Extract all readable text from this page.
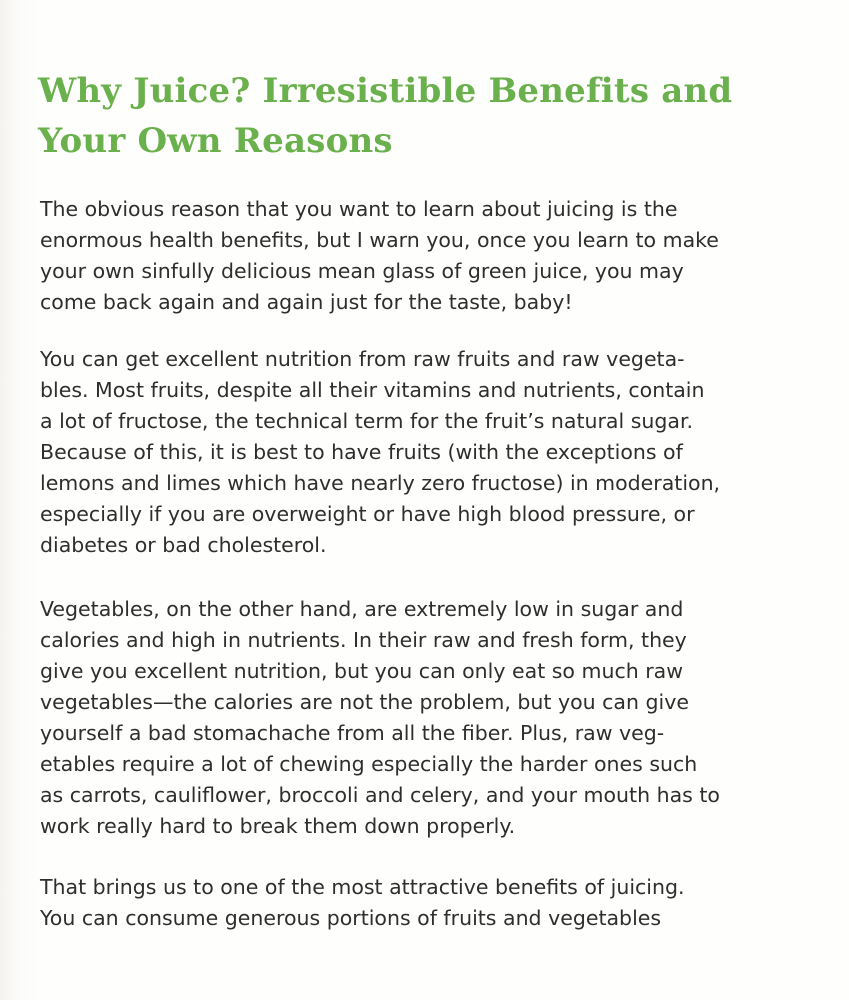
Why Juice? Irresistible Benefits and
Your Own Reasons

The obvious reason that you want to learn about juicing is the
enormous health benefits, but I warn you, once you learn to make
your own sinfully delicious mean glass of green juice, you may
come back again and again just for the taste, baby!

You can get excellent nutrition from raw fruits and raw vegeta-
bles. Most fruits, despite all their vitamins and nutrients, contain
a lot of fructose, the technical term for the fruit’s natural sugar.
Because of this, it is best to have fruits (with the exceptions of
lemons and limes which have nearly zero fructose) in moderation,
especially if you are overweight or have high blood pressure, or
diabetes or bad cholesterol.

Vegetables, on the other hand, are extremely low in sugar and
calories and high in nutrients. In their raw and fresh form, they
give you excellent nutrition, but you can only eat so much raw
vegetables—the calories are not the problem, but you can give
yourself a bad stomachache from all the fiber. Plus, raw veg-
etables require a lot of chewing especially the harder ones such
as carrots, cauliflower, broccoli and celery, and your mouth has to
work really hard to break them down properly.

That brings us to one of the most attractive benefits of juicing.
You can consume generous portions of fruits and vegetables
